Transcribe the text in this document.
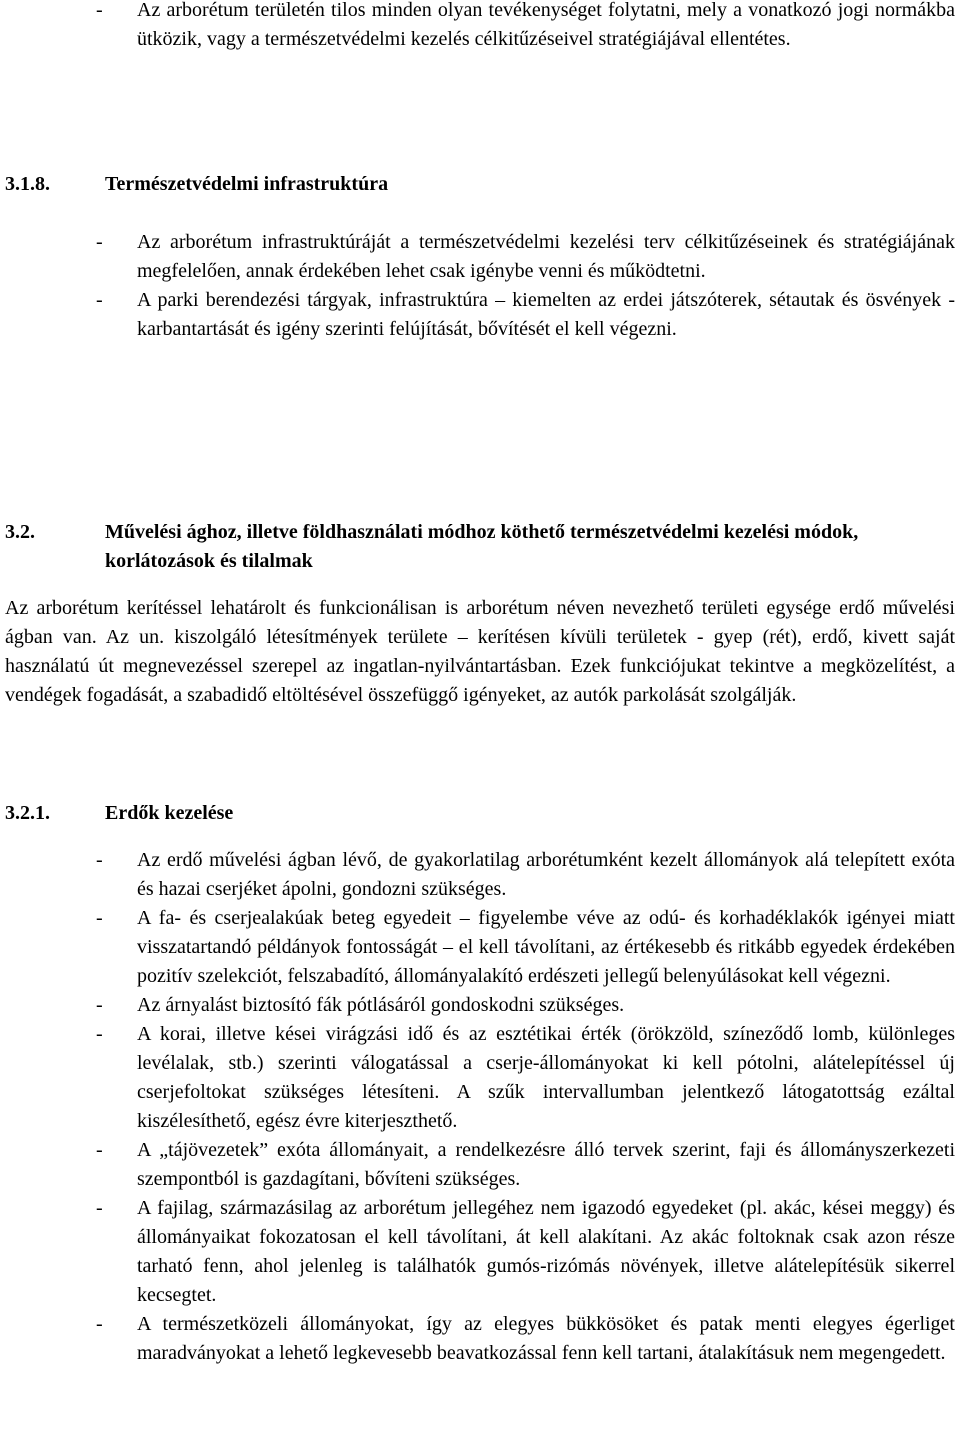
- Az arborétum területén tilos minden olyan tevékenységet folytatni, mely a vonatkozó jogi normákba ütközik, vagy a természetvédelmi kezelés célkitűzéseivel stratégiájával ellentétes.
3.1.8.	Természetvédelmi infrastruktúra
- Az arborétum infrastruktúráját a természetvédelmi kezelési terv célkitűzéseinek és stratégiájának megfelelően, annak érdekében lehet csak igénybe venni és működtetni.
- A parki berendezési tárgyak, infrastruktúra – kiemelten az erdei játszóterek, sétautak és ösvények - karbantartását és igény szerinti felújítását, bővítését el kell végezni.
3.2.	Művelési ághoz, illetve földhasználati módhoz köthető természetvédelmi kezelési módok, korlátozások és tilalmak
Az arborétum kerítéssel lehatárolt és funkcionálisan is arborétum néven nevezhető területi egysége erdő művelési ágban van. Az un. kiszolgáló létesítmények területe – kerítésen kívüli területek - gyep (rét), erdő, kivett saját használatú út megnevezéssel szerepel az ingatlan-nyilvántartásban. Ezek funkciójukat tekintve a megközelítést, a vendégek fogadását, a szabadidő eltöltésével összefüggő igényeket, az autók parkolását szolgálják.
3.2.1.	Erdők kezelése
- Az erdő művelési ágban lévő, de gyakorlatilag arborétumként kezelt állományok alá telepített exóta és hazai cserjéket ápolni, gondozni szükséges.
- A fa- és cserjealakúak beteg egyedeit – figyelembe véve az odú- és korhadéklakók igényei miatt visszatartandó példányok fontosságát – el kell távolítani, az értékesebb és ritkább egyedek érdekében pozitív szelekciót, felszabadító, állományalakító erdészeti jellegű belenyúlásokat kell végezni.
- Az árnyalást biztosító fák pótlásáról gondoskodni szükséges.
- A korai, illetve kései virágzási idő és az esztétikai érték (örökzöld, színeződő lomb, különleges levélalak, stb.) szerinti válogatással a cserje-állományokat ki kell pótolni, alátelepítéssel új cserjefoltokat szükséges létesíteni. A szűk intervallumban jelentkező látogatottság ezáltal kiszélesíthető, egész évre kiterjeszthető.
- A „tájövezetek” exóta állományait, a rendelkezésre álló tervek szerint, faji és állományszerkezeti szempontból is gazdagítani, bővíteni szükséges.
- A fajilag, származásilag az arborétum jellegéhez nem igazodó egyedeket (pl. akác, kései meggy) és állományaikat fokozatosan el kell távolítani, át kell alakítani. Az akác foltoknak csak azon része tarható fenn, ahol jelenleg is találhatók gumós-rizómás növények, illetve alátelepítésük sikerrel kecsegtet.
- A természetközeli állományokat, így az elegyes bükkösöket és patak menti elegyes égerliget maradványokat a lehető legkevesebb beavatkozással fenn kell tartani, átalakításuk nem megengedett.
